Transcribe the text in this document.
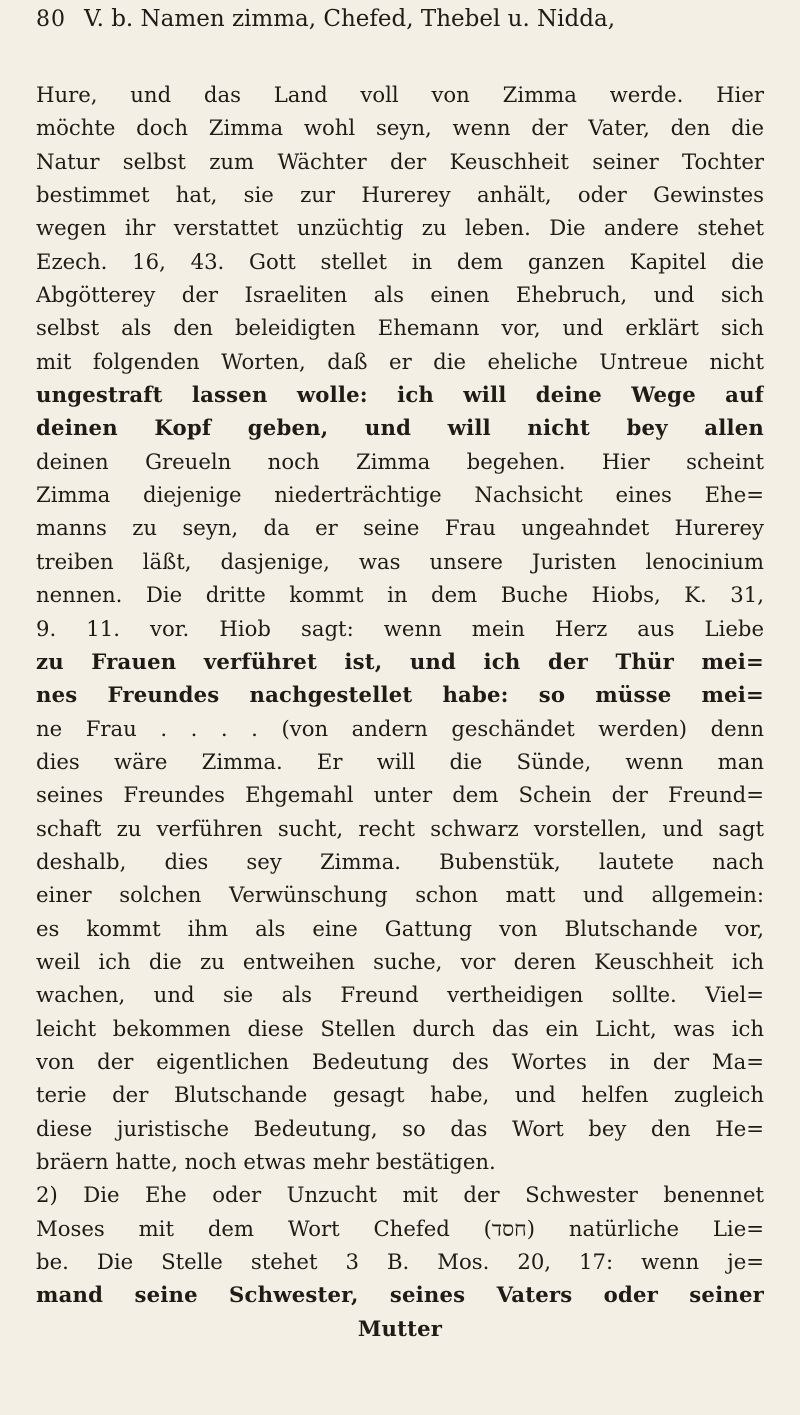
80 V. b. Namen zimma, Chefed, Thebel u. Nidda,
Hure, und das Land voll von Zimma werde. Hier
möchte doch Zimma wohl seyn, wenn der Vater, den die
Natur selbst zum Wächter der Keuschheit seiner Tochter
bestimmet hat, sie zur Hurerey anhält, oder Gewinstes
wegen ihr verstattet unzüchtig zu leben. Die andere stehet
Ezech. 16, 43. Gott stellet in dem ganzen Kapitel die
Abgötterey der Israeliten als einen Ehebruch, und sich
selbst als den beleidigten Ehemann vor, und erklärt sich
mit folgenden Worten, daß er die eheliche Untreue nicht
ungestraft lassen wolle: ich will deine Wege auf
deinen Kopf geben, und will nicht bey allen
deinen Greueln noch Zimma begehen. Hier scheint
Zimma diejenige niederträchtige Nachsicht eines Ehe=
manns zu seyn, da er seine Frau ungeahndet Hurerey
treiben läßt, dasjenige, was unsere Juristen lenocinium
nennen. Die dritte kommt in dem Buche Hiobs, K. 31,
9. 11. vor. Hiob sagt: wenn mein Herz aus Liebe
zu Frauen verführet ist, und ich der Thür mei=
nes Freundes nachgestellet habe: so müsse mei=
ne Frau . . . . (von andern geschändet werden) denn
dies wäre Zimma. Er will die Sünde, wenn man
seines Freundes Ehgemahl unter dem Schein der Freund=
schaft zu verführen sucht, recht schwarz vorstellen, und sagt
deshalb, dies sey Zimma. Bubenstük, lautete nach
einer solchen Verwünschung schon matt und allgemein:
es kommt ihm als eine Gattung von Blutschande vor,
weil ich die zu entweihen suche, vor deren Keuschheit ich
wachen, und sie als Freund vertheidigen sollte. Viel=
leicht bekommen diese Stellen durch das ein Licht, was ich
von der eigentlichen Bedeutung des Wortes in der Ma=
terie der Blutschande gesagt habe, und helfen zugleich
diese juristische Bedeutung, so das Wort bey den He=
bräern hatte, noch etwas mehr bestätigen.
2) Die Ehe oder Unzucht mit der Schwester benennet
Moses mit dem Wort Chefed (חסד) natürliche Lie=
be. Die Stelle stehet 3 B. Mos. 20, 17: wenn je=
mand seine Schwester, seines Vaters oder seiner
Mutter
